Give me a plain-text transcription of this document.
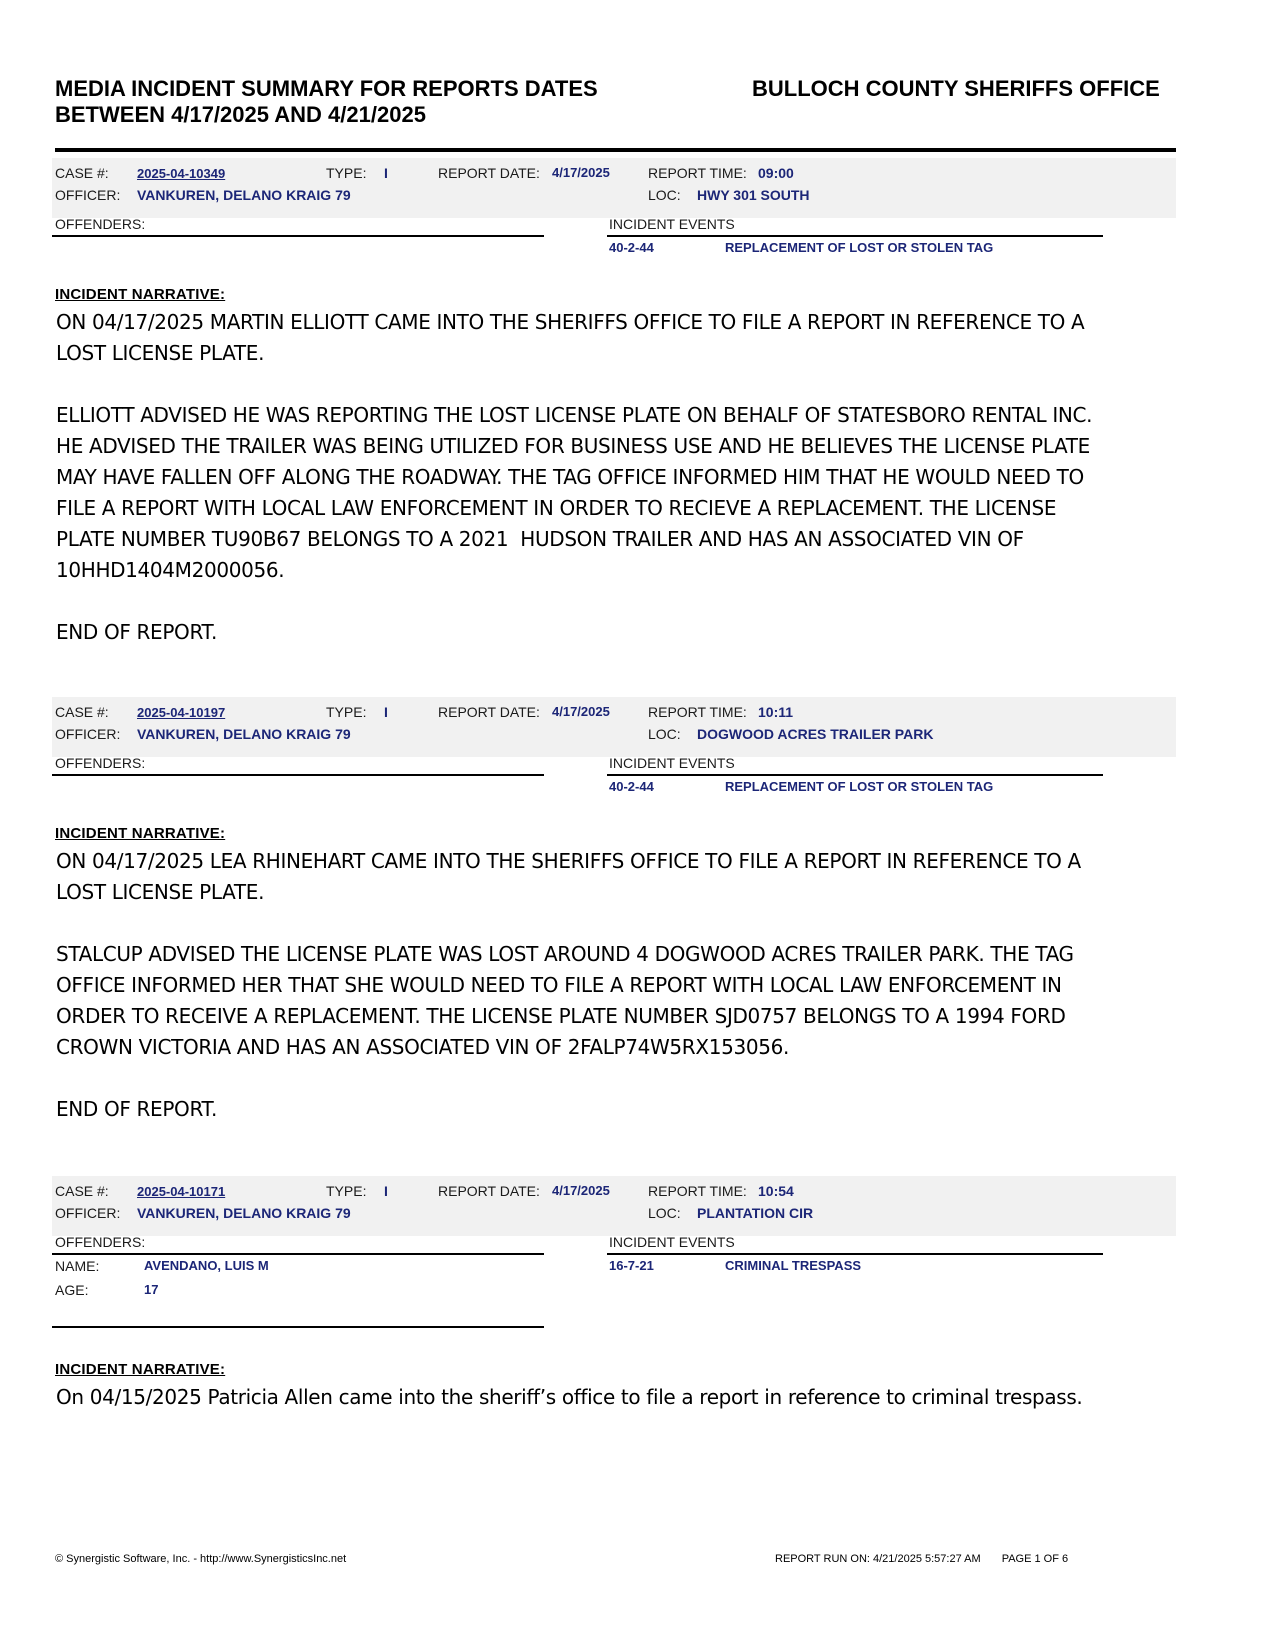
MEDIA INCIDENT SUMMARY FOR REPORTS DATES BETWEEN 4/17/2025 AND 4/21/2025
BULLOCH COUNTY SHERIFFS OFFICE
CASE #: 2025-04-10349	TYPE: I	REPORT DATE: 4/17/2025	REPORT TIME: 09:00
OFFICER: VANKUREN, DELANO KRAIG 79	LOC: HWY 301 SOUTH
OFFENDERS:	INCIDENT EVENTS
40-2-44	REPLACEMENT OF LOST OR STOLEN TAG
INCIDENT NARRATIVE:
ON 04/17/2025 MARTIN ELLIOTT CAME INTO THE SHERIFFS OFFICE TO FILE A REPORT IN REFERENCE TO A
LOST LICENSE PLATE.

ELLIOTT ADVISED HE WAS REPORTING THE LOST LICENSE PLATE ON BEHALF OF STATESBORO RENTAL INC.
HE ADVISED THE TRAILER WAS BEING UTILIZED FOR BUSINESS USE AND HE BELIEVES THE LICENSE PLATE
MAY HAVE FALLEN OFF ALONG THE ROADWAY. THE TAG OFFICE INFORMED HIM THAT HE WOULD NEED TO
FILE A REPORT WITH LOCAL LAW ENFORCEMENT IN ORDER TO RECIEVE A REPLACEMENT. THE LICENSE
PLATE NUMBER TU90B67 BELONGS TO A 2021  HUDSON TRAILER AND HAS AN ASSOCIATED VIN OF
10HHD1404M2000056.

END OF REPORT.
CASE #: 2025-04-10197	TYPE: I	REPORT DATE: 4/17/2025	REPORT TIME: 10:11
OFFICER: VANKUREN, DELANO KRAIG 79	LOC: DOGWOOD ACRES TRAILER PARK
OFFENDERS:	INCIDENT EVENTS
40-2-44	REPLACEMENT OF LOST OR STOLEN TAG
INCIDENT NARRATIVE:
ON 04/17/2025 LEA RHINEHART CAME INTO THE SHERIFFS OFFICE TO FILE A REPORT IN REFERENCE TO A
LOST LICENSE PLATE.

STALCUP ADVISED THE LICENSE PLATE WAS LOST AROUND 4 DOGWOOD ACRES TRAILER PARK. THE TAG
OFFICE INFORMED HER THAT SHE WOULD NEED TO FILE A REPORT WITH LOCAL LAW ENFORCEMENT IN
ORDER TO RECEIVE A REPLACEMENT. THE LICENSE PLATE NUMBER SJD0757 BELONGS TO A 1994 FORD
CROWN VICTORIA AND HAS AN ASSOCIATED VIN OF 2FALP74W5RX153056.

END OF REPORT.
CASE #: 2025-04-10171	TYPE: I	REPORT DATE: 4/17/2025	REPORT TIME: 10:54
OFFICER: VANKUREN, DELANO KRAIG 79	LOC: PLANTATION CIR
OFFENDERS:	INCIDENT EVENTS
16-7-21	CRIMINAL TRESPASS
NAME:	AVENDANO, LUIS M
AGE:	17
INCIDENT NARRATIVE:
On 04/15/2025 Patricia Allen came into the sheriff’s office to file a report in reference to criminal trespass.
© Synergistic Software, Inc. - http://www.SynergisticsInc.net	REPORT RUN ON: 4/21/2025 5:57:27 AM PAGE 1 OF 6
